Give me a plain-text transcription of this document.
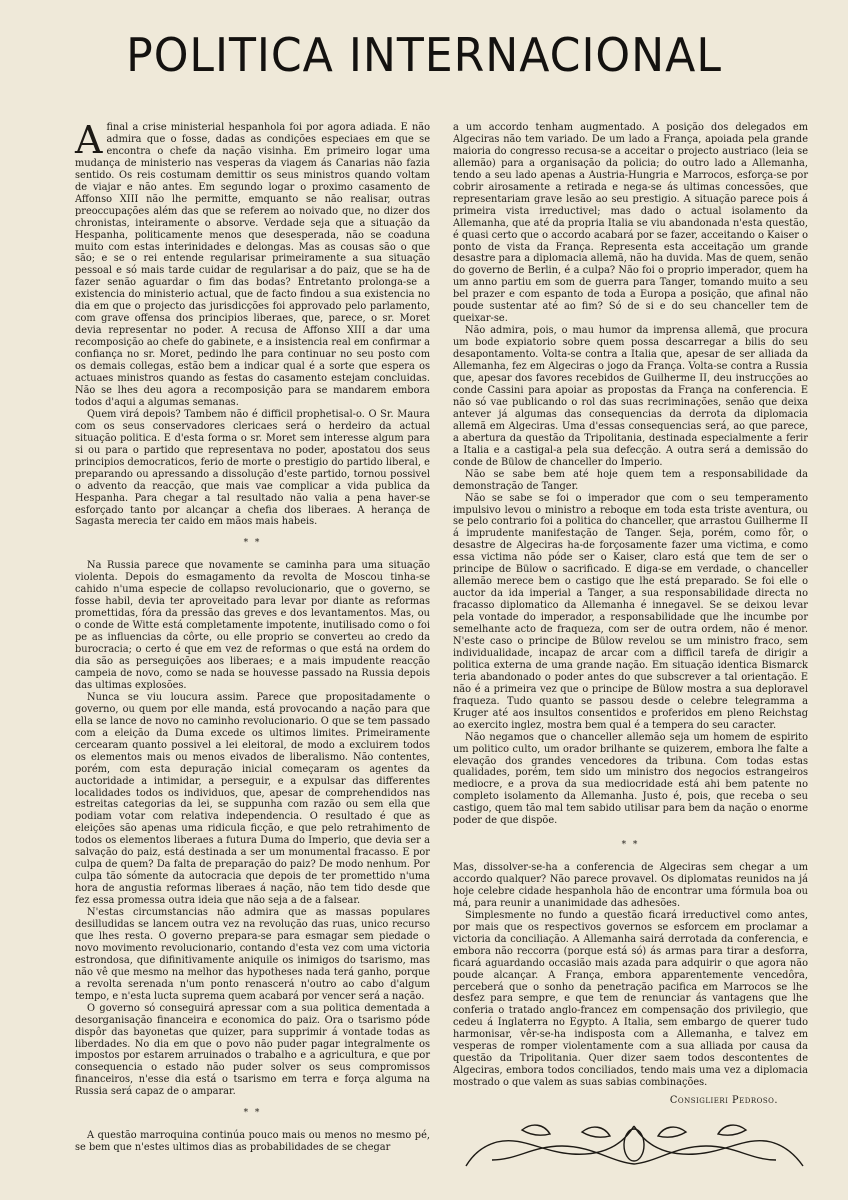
POLITICA INTERNACIONAL

Afinal a crise ministerial hespanhola foi por agora adiada. E não admira que o fosse, dadas as condições especiaes em que se encontra o chefe da nação visinha. Em primeiro logar uma mudança de ministerio nas vesperas da viagem ás Canarias não fazia sentido. Os reis costumam demittir os seus ministros quando voltam de viajar e não antes. Em segundo logar o proximo casamento de Affonso XIII não lhe permitte, emquanto se não realisar, outras preoccupações além das que se referem ao noivado que, no dizer dos chronistas, inteiramente o absorve. Verdade seja que a situação da Hespanha, politicamente menos que desesperada, não se coaduna muito com estas interinidades e delongas. Mas as cousas são o que são; e se o rei entende regularisar primeiramente a sua situação pessoal e só mais tarde cuidar de regularisar a do paiz, que se ha de fazer senão aguardar o fim das bodas? Entretanto prolonga-se a existencia do ministerio actual, que de facto findou a sua existencia no dia em que o projecto das jurisdicções foi approvado pelo parlamento, com grave offensa dos principios liberaes, que, parece, o sr. Moret devia representar no poder. A recusa de Affonso XIII a dar uma recomposição ao chefe do gabinete, e a insistencia real em confirmar a confiança no sr. Moret, pedindo lhe para continuar no seu posto com os demais collegas, estão bem a indicar qual é a sorte que espera os actuaes ministros quando as festas do casamento estejam concluidas. Não se lhes deu agora a recomposição para se mandarem embora todos d'aqui a algumas semanas.

Quem virá depois? Tambem não é difficil prophetisal-o. O Sr. Maura com os seus conservadores clericaes será o herdeiro da actual situação politica. E d'esta forma o sr. Moret sem interesse algum para si ou para o partido que representava no poder, apostatou dos seus principios democraticos, ferio de morte o prestigio do partido liberal, e preparando ou apressando a dissolução d'este partido, tornou possivel o advento da reacção, que mais vae complicar a vida publica da Hespanha. Para chegar a tal resultado não valia a pena haver-se esforçado tanto por alcançar a chefia dos liberaes. A herança de Sagasta merecia ter caido em mãos mais habeis.

* *

Na Russia parece que novamente se caminha para uma situação violenta. Depois do esmagamento da revolta de Moscou tinha-se cahido n'uma especie de collapso revolucionario, que o governo, se fosse habil, devia ter aproveitado para levar por diante as reformas promettidas, fóra da pressão das greves e dos levantamentos. Mas, ou o conde de Witte está completamente impotente, inutilisado como o foi pe as influencias da côrte, ou elle proprio se converteu ao credo da burocracia; o certo é que em vez de reformas o que está na ordem do dia são as perseguições aos liberaes; e a mais impudente reacção campeia de novo, como se nada se houvesse passado na Russia depois das ultimas explosões.

Nunca se viu loucura assim. Parece que propositadamente o governo, ou quem por elle manda, está provocando a nação para que ella se lance de novo no caminho revolucionario. O que se tem passado com a eleição da Duma excede os ultimos limites. Primeiramente cercearam quanto possivel a lei eleitoral, de modo a excluirem todos os elementos mais ou menos eivados de liberalismo. Não contentes, porém, com esta depuração inicial começaram os agentes da auctoridade a intimidar, a perseguir, e a expulsar das differentes localidades todos os individuos, que, apesar de comprehendidos nas estreitas categorias da lei, se suppunha com razão ou sem ella que podiam votar com relativa independencia. O resultado é que as eleições são apenas uma ridicula ficção, e que pelo retrahimento de todos os elementos liberaes a futura Duma do Imperio, que devia ser a salvação do paiz, está destinada a ser um monumental fracasso. E por culpa de quem? Da falta de preparação do paiz? De modo nenhum. Por culpa tão sómente da autocracia que depois de ter promettido n'uma hora de angustia reformas liberaes á nação, não tem tido desde que fez essa promessa outra ideia que não seja a de a falsear.

N'estas circumstancias não admira que as massas populares desilludidas se lancem outra vez na revolução das ruas, unico recurso que lhes resta. O governo prepara-se para esmagar sem piedade o novo movimento revolucionario, contando d'esta vez com uma victoria estrondosa, que difinitivamente aniquile os inimigos do tsarismo, mas não vê que mesmo na melhor das hypotheses nada terá ganho, porque a revolta serenada n'um ponto renascerá n'outro ao cabo d'algum tempo, e n'esta lucta suprema quem acabará por vencer será a nação.

O governo só conseguirá apressar com a sua politica dementada a desorganisação financeira e economica do paiz. Ora o tsarismo póde dispôr das bayonetas que quizer, para supprimir á vontade todas as liberdades. No dia em que o povo não puder pagar integralmente os impostos por estarem arruinados o trabalho e a agricultura, e que por consequencia o estado não puder solver os seus compromissos financeiros, n'esse dia está o tsarismo em terra e força alguma na Russia será capaz de o amparar.

* *

A questão marroquina continúa pouco mais ou menos no mesmo pé, se bem que n'estes ultimos dias as probabilidades de se chegar

a um accordo tenham augmentado. A posição dos delegados em Algeciras não tem variado. De um lado a França, apoiada pela grande maioria do congresso recusa-se a acceitar o projecto austriaco (leia se allemão) para a organisação da policia; do outro lado a Allemanha, tendo a seu lado apenas a Austria-Hungria e Marrocos, esforça-se por cobrir airosamente a retirada e nega-se ás ultimas concessões, que representariam grave lesão ao seu prestigio. A situação parece pois á primeira vista irreductivel; mas dado o actual isolamento da Allemanha, que até da propria Italia se viu abandonada n'esta questão, é quasi certo que o accordo acabará por se fazer, acceitando o Kaiser o ponto de vista da França. Representa esta acceitação um grande desastre para a diplomacia allemã, não ha duvida. Mas de quem, senão do governo de Berlin, é a culpa? Não foi o proprio imperador, quem ha um anno partiu em som de guerra para Tanger, tomando muito a seu bel prazer e com espanto de toda a Europa a posição, que afinal não poude sustentar até ao fim? Só de si e do seu chanceller tem de queixar-se.

Não admira, pois, o mau humor da imprensa allemã, que procura um bode expiatorio sobre quem possa descarregar a bilis do seu desapontamento. Volta-se contra a Italia que, apesar de ser alliada da Allemanha, fez em Algeciras o jogo da França. Volta-se contra a Russia que, apesar dos favores recebidos de Guilherme II, deu instrucções ao conde Cassini para apoiar as propostas da França na conferencia. E não só vae publicando o rol das suas recriminações, senão que deixa antever já algumas das consequencias da derrota da diplomacia allemã em Algeciras. Uma d'essas consequencias será, ao que parece, a abertura da questão da Tripolitania, destinada especialmente a ferir a Italia e a castigal-a pela sua defecção. A outra será a demissão do conde de Bülow de chanceller do Imperio.

Não se sabe bem até hoje quem tem a responsabilidade da demonstração de Tanger.

Não se sabe se foi o imperador que com o seu temperamento impulsivo levou o ministro a reboque em toda esta triste aventura, ou se pelo contrario foi a politica do chanceller, que arrastou Guilherme II á imprudente manifestação de Tanger. Seja, porém, como fôr, o desastre de Algeciras ha-de forçosamente fazer uma victima, e como essa victima não póde ser o Kaiser, claro está que tem de ser o principe de Bülow o sacrificado. E diga-se em verdade, o chanceller allemão merece bem o castigo que lhe está preparado. Se foi elle o auctor da ida imperial a Tanger, a sua responsabilidade directa no fracasso diplomatico da Allemanha é innegavel. Se se deixou levar pela vontade do imperador, a responsabilidade que lhe incumbe por semelhante acto de fraqueza, com ser de outra ordem, não é menor. N'este caso o principe de Bülow revelou se um ministro fraco, sem individualidade, incapaz de arcar com a difficil tarefa de dirigir a politica externa de uma grande nação. Em situação identica Bismarck teria abandonado o poder antes do que subscrever a tal orientação. E não é a primeira vez que o principe de Bülow mostra a sua deploravel fraqueza. Tudo quanto se passou desde o celebre telegramma a Kruger até aos insultos consentidos e proferidos em pleno Reichstag ao exercito inglez, mostra bem qual é a tempera do seu caracter.

Não negamos que o chanceller allemão seja um homem de espirito um politico culto, um orador brilhante se quizerem, embora lhe falte a elevação dos grandes vencedores da tribuna. Com todas estas qualidades, porém, tem sido um ministro dos negocios estrangeiros mediocre, e a prova da sua mediocridade está ahi bem patente no completo isolamento da Allemanha. Justo é, pois, que receba o seu castigo, quem tão mal tem sabido utilisar para bem da nação o enorme poder de que dispõe.

* *

Mas, dissolver-se-ha a conferencia de Algeciras sem chegar a um accordo qualquer? Não parece provavel. Os diplomatas reunidos na já hoje celebre cidade hespanhola hão de encontrar uma fórmula boa ou má, para reunir a unanimidade das adhesões.

Simplesmente no fundo a questão ficará irreductivel como antes, por mais que os respectivos governos se esforcem em proclamar a victoria da conciliação. A Allemanha sairá derrotada da conferencia, e embora não reccorra (porque está só) ás armas para tirar a desforra, ficará aguardando occasião mais azada para adquirir o que agora não poude alcançar. A França, embora apparentemente vencedôra, perceberá que o sonho da penetração pacifica em Marrocos se lhe desfez para sempre, e que tem de renunciar ás vantagens que lhe conferia o tratado anglo-francez em compensação dos privilegio, que cedeu á Inglaterra no Egypto. A Italia, sem embargo de querer tudo harmonisar, vêr-se-ha indisposta com a Allemanha, e talvez em vesperas de romper violentamente com a sua alliada por causa da questão da Tripolitania. Quer dizer saem todos descontentes de Algeciras, embora todos conciliados, tendo mais uma vez a diplomacia mostrado o que valem as suas sabias combinações.

Consiglieri Pedroso.
